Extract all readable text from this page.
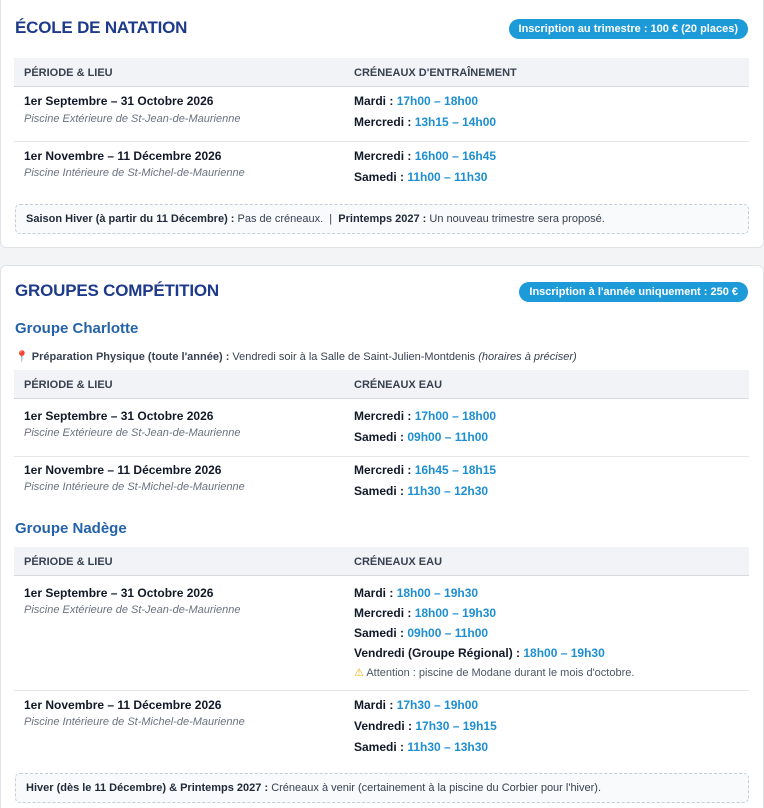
ÉCOLE DE NATATION	Inscription au trimestre : 100 € (20 places)
PÉRIODE & LIEU	CRÉNEAUX D'ENTRAÎNEMENT
1er Septembre – 31 Octobre 2026
Piscine Extérieure de St-Jean-de-Maurienne
Mardi : 17h00 – 18h00
Mercredi : 13h15 – 14h00
1er Novembre – 11 Décembre 2026
Piscine Intérieure de St-Michel-de-Maurienne
Mercredi : 16h00 – 16h45
Samedi : 11h00 – 11h30
Saison Hiver (à partir du 11 Décembre) : Pas de créneaux. | Printemps 2027 : Un nouveau trimestre sera proposé.
GROUPES COMPÉTITION	Inscription à l'année uniquement : 250 €
Groupe Charlotte
📍 Préparation Physique (toute l'année) : Vendredi soir à la Salle de Saint-Julien-Montdenis (horaires à préciser)
PÉRIODE & LIEU	CRÉNEAUX EAU
1er Septembre – 31 Octobre 2026
Piscine Extérieure de St-Jean-de-Maurienne
Mercredi : 17h00 – 18h00
Samedi : 09h00 – 11h00
1er Novembre – 11 Décembre 2026
Piscine Intérieure de St-Michel-de-Maurienne
Mercredi : 16h45 – 18h15
Samedi : 11h30 – 12h30
Groupe Nadège
PÉRIODE & LIEU	CRÉNEAUX EAU
1er Septembre – 31 Octobre 2026
Piscine Extérieure de St-Jean-de-Maurienne
Mardi : 18h00 – 19h30
Mercredi : 18h00 – 19h30
Samedi : 09h00 – 11h00
Vendredi (Groupe Régional) : 18h00 – 19h30
⚠ Attention : piscine de Modane durant le mois d'octobre.
1er Novembre – 11 Décembre 2026
Piscine Intérieure de St-Michel-de-Maurienne
Mardi : 17h30 – 19h00
Vendredi : 17h30 – 19h15
Samedi : 11h30 – 13h30
Hiver (dès le 11 Décembre) & Printemps 2027 : Créneaux à venir (certainement à la piscine du Corbier pour l'hiver).
